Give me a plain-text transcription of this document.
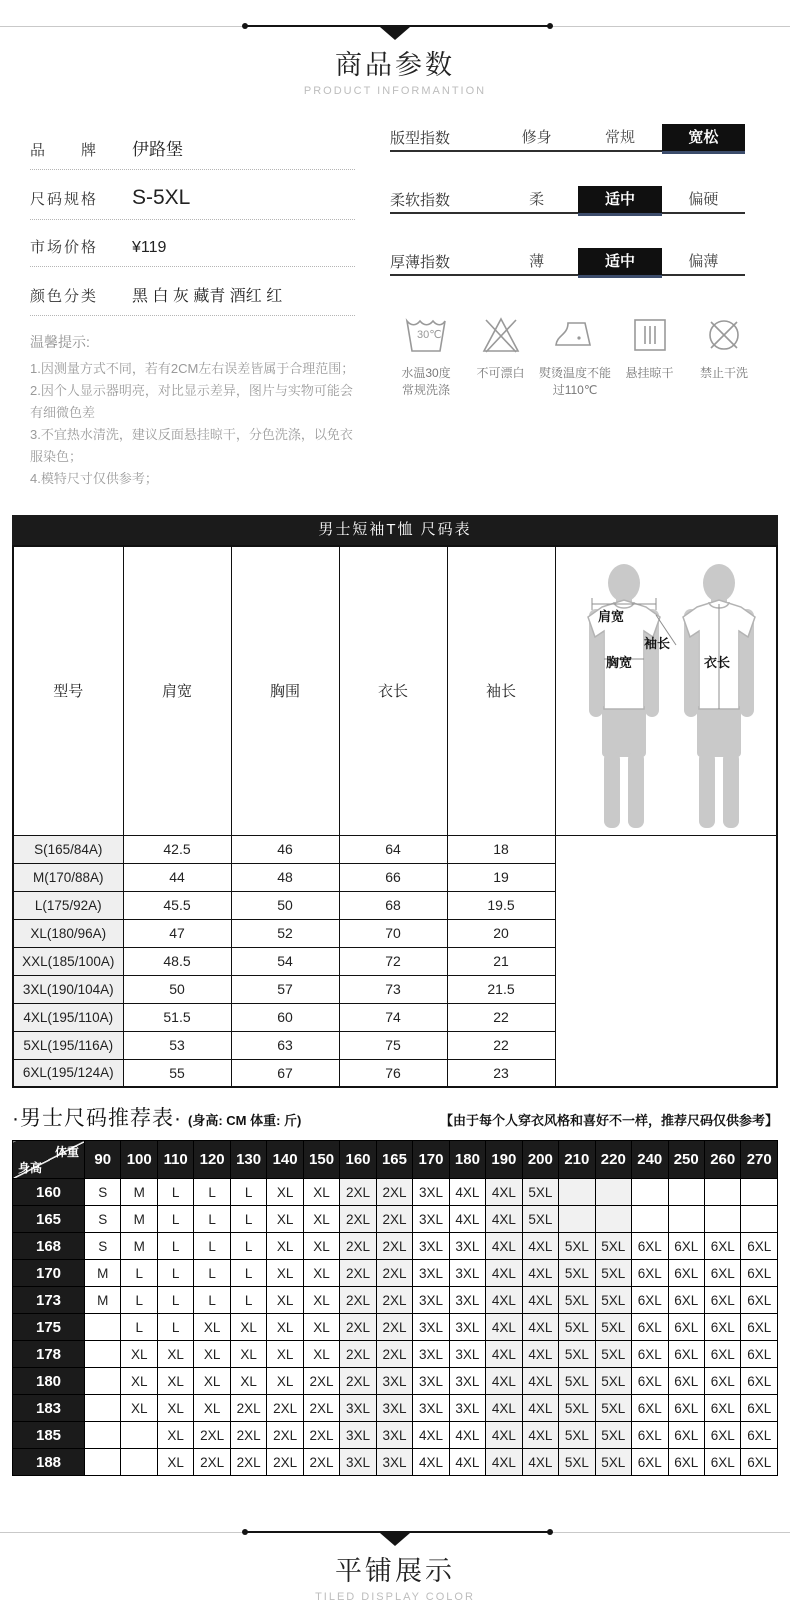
商品参数
PRODUCT INFORMANTION
品牌 伊路堡
尺码规格 S-5XL
市场价格 ¥119
颜色分类 黑 白 灰 藏青 酒红 红
温馨提示:
1.因测量方式不同，若有2CM左右误差皆属于合理范围；
2.因个人显示器明亮，对比显示差异，图片与实物可能会有细微色差
3.不宜热水清洗，建议反面悬挂晾干，分色洗涤，以免衣服染色；
4.模特尺寸仅供参考；
版型指数	修身	常规	宽松
柔软指数	柔	适中	偏硬
厚薄指数	薄	适中	偏薄
30℃
水温30度
常规洗涤
不可漂白	熨烫温度不能
过110℃
悬挂晾干	禁止干洗
男士短袖T恤 尺码表
型号	肩宽	胸围	衣长	袖长	肩宽
胸宽
袖长
衣长

S(165/84A)	42.5	46	64	18	
M(170/88A)	44	48	66	19	
L(175/92A)	45.5	50	68	19.5	
XL(180/96A)	47	52	70	20	
XXL(185/100A)	48.5	54	72	21	
3XL(190/104A)	50	57	73	21.5	
4XL(195/110A)	51.5	60	74	22	
5XL(195/116A)	53	63	75	22	
6XL(195/124A)	55	67	76	23	
·男士尺码推荐表· (身高: CM 体重: 斤)	【由于每个人穿衣风格和喜好不一样，推荐尺码仅供参考】
体重
身高	90	100	110	120	130	140	150	160	165	170	180	190	200	210	220	240	250	260	270
160	S	M	L	L	L	XL	XL	2XL	2XL	3XL	4XL	4XL	5XL						
165	S	M	L	L	L	XL	XL	2XL	2XL	3XL	4XL	4XL	5XL						
168	S	M	L	L	L	XL	XL	2XL	2XL	3XL	3XL	4XL	4XL	5XL	5XL	6XL	6XL	6XL	6XL
170	M	L	L	L	L	XL	XL	2XL	2XL	3XL	3XL	4XL	4XL	5XL	5XL	6XL	6XL	6XL	6XL
173	M	L	L	L	L	XL	XL	2XL	2XL	3XL	3XL	4XL	4XL	5XL	5XL	6XL	6XL	6XL	6XL
175		L	L	XL	XL	XL	XL	2XL	2XL	3XL	3XL	4XL	4XL	5XL	5XL	6XL	6XL	6XL	6XL
178		XL	XL	XL	XL	XL	XL	2XL	2XL	3XL	3XL	4XL	4XL	5XL	5XL	6XL	6XL	6XL	6XL
180		XL	XL	XL	XL	XL	2XL	2XL	3XL	3XL	3XL	4XL	4XL	5XL	5XL	6XL	6XL	6XL	6XL
183		XL	XL	XL	2XL	2XL	2XL	3XL	3XL	3XL	3XL	4XL	4XL	5XL	5XL	6XL	6XL	6XL	6XL
185			XL	2XL	2XL	2XL	2XL	3XL	3XL	4XL	4XL	4XL	4XL	5XL	5XL	6XL	6XL	6XL	6XL
188			XL	2XL	2XL	2XL	2XL	3XL	3XL	4XL	4XL	4XL	4XL	5XL	5XL	6XL	6XL	6XL	6XL
平铺展示
TILED DISPLAY COLOR
